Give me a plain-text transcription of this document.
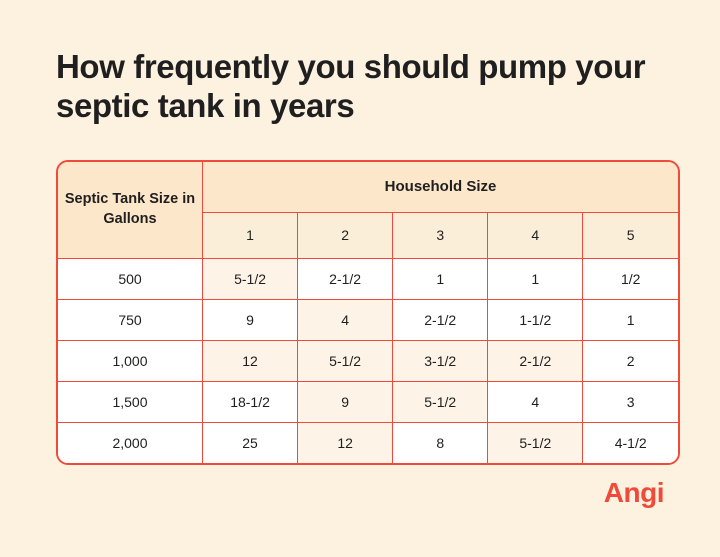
How frequently you should pump your septic tank in years
Septic Tank Size in Gallons	Household Size				
	1	2	3	4	5
500	5-1/2	2-1/2	1	1	1/2
750	9	4	2-1/2	1-1/2	1
1,000	12	5-1/2	3-1/2	2-1/2	2
1,500	18-1/2	9	5-1/2	4	3
2,000	25	12	8	5-1/2	4-1/2
Angi
